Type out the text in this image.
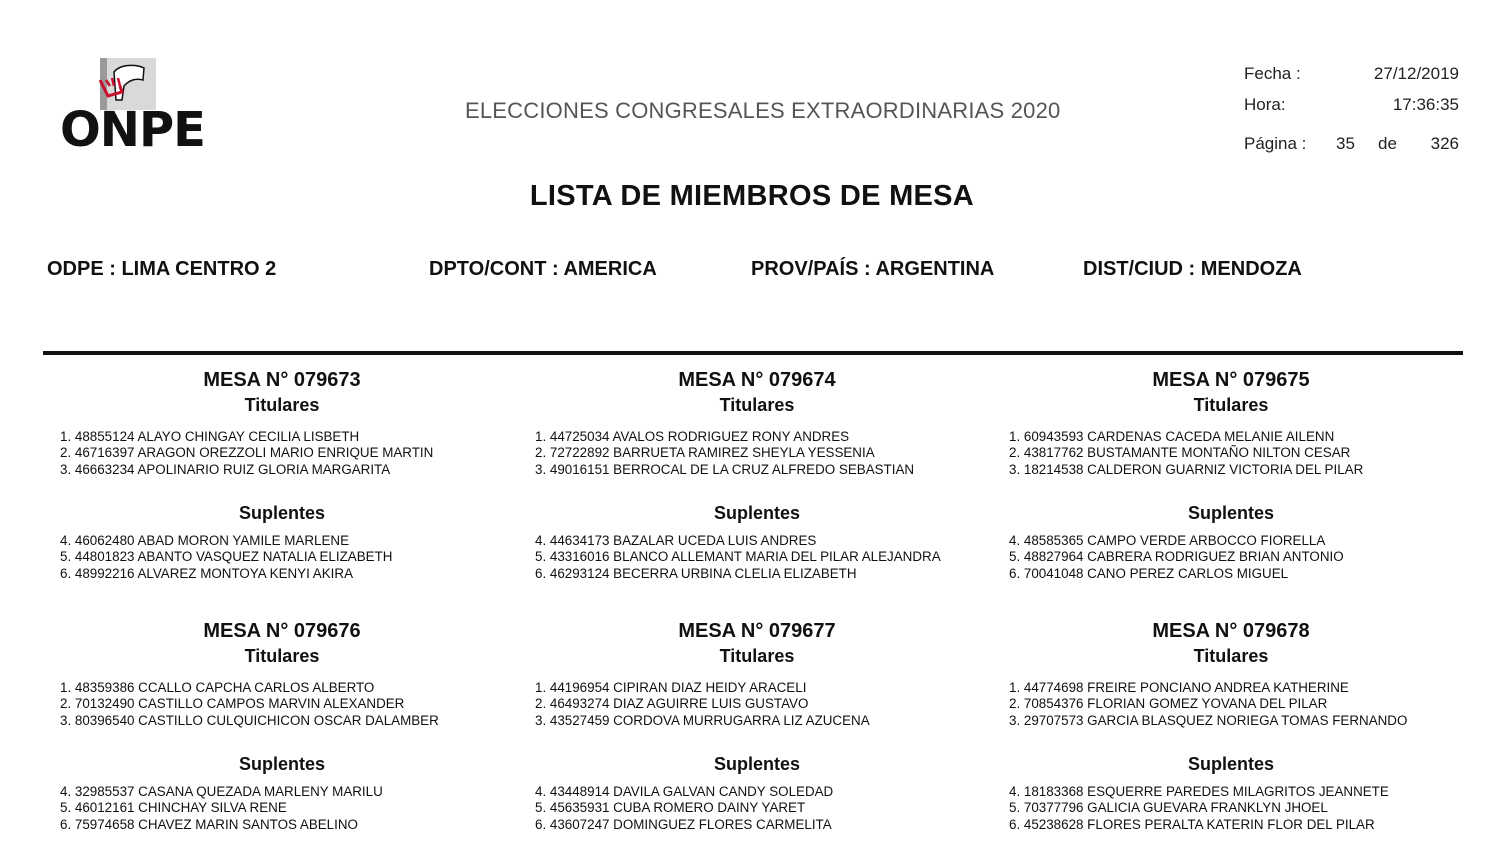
ONPE	ELECCIONES CONGRESALES EXTRAORDINARIAS 2020
Fecha :	27/12/2019
Hora:	17:36:35
Página : 35 de 326
LISTA DE MIEMBROS DE MESA
ODPE : LIMA CENTRO 2	DPTO/CONT : AMERICA	PROV/PAÍS : ARGENTINA	DIST/CIUD : MENDOZA
MESA N° 079673
Titulares
1. 48855124 ALAYO CHINGAY CECILIA LISBETH
2. 46716397 ARAGON OREZZOLI MARIO ENRIQUE MARTIN
3. 46663234 APOLINARIO RUIZ GLORIA MARGARITA
Suplentes
4. 46062480 ABAD MORON YAMILE MARLENE
5. 44801823 ABANTO VASQUEZ NATALIA ELIZABETH
6. 48992216 ALVAREZ MONTOYA KENYI AKIRA
MESA N° 079674
Titulares
1. 44725034 AVALOS RODRIGUEZ RONY ANDRES
2. 72722892 BARRUETA RAMIREZ SHEYLA YESSENIA
3. 49016151 BERROCAL DE LA CRUZ ALFREDO SEBASTIAN
Suplentes
4. 44634173 BAZALAR UCEDA LUIS ANDRES
5. 43316016 BLANCO ALLEMANT MARIA DEL PILAR ALEJANDRA
6. 46293124 BECERRA URBINA CLELIA ELIZABETH
MESA N° 079675
Titulares
1. 60943593 CARDENAS CACEDA MELANIE AILENN
2. 43817762 BUSTAMANTE MONTAÑO NILTON CESAR
3. 18214538 CALDERON GUARNIZ VICTORIA DEL PILAR
Suplentes
4. 48585365 CAMPO VERDE ARBOCCO FIORELLA
5. 48827964 CABRERA RODRIGUEZ BRIAN ANTONIO
6. 70041048 CANO PEREZ CARLOS MIGUEL
MESA N° 079676
Titulares
1. 48359386 CCALLO CAPCHA CARLOS ALBERTO
2. 70132490 CASTILLO CAMPOS MARVIN ALEXANDER
3. 80396540 CASTILLO CULQUICHICON OSCAR DALAMBER
Suplentes
4. 32985537 CASANA QUEZADA MARLENY MARILU
5. 46012161 CHINCHAY SILVA RENE
6. 75974658 CHAVEZ MARIN SANTOS ABELINO
MESA N° 079677
Titulares
1. 44196954 CIPIRAN DIAZ HEIDY ARACELI
2. 46493274 DIAZ AGUIRRE LUIS GUSTAVO
3. 43527459 CORDOVA MURRUGARRA LIZ AZUCENA
Suplentes
4. 43448914 DAVILA GALVAN CANDY SOLEDAD
5. 45635931 CUBA ROMERO DAINY YARET
6. 43607247 DOMINGUEZ FLORES CARMELITA
MESA N° 079678
Titulares
1. 44774698 FREIRE PONCIANO ANDREA KATHERINE
2. 70854376 FLORIAN GOMEZ YOVANA DEL PILAR
3. 29707573 GARCIA BLASQUEZ NORIEGA TOMAS FERNANDO
Suplentes
4. 18183368 ESQUERRE PAREDES MILAGRITOS JEANNETE
5. 70377796 GALICIA GUEVARA FRANKLYN JHOEL
6. 45238628 FLORES PERALTA KATERIN FLOR DEL PILAR
